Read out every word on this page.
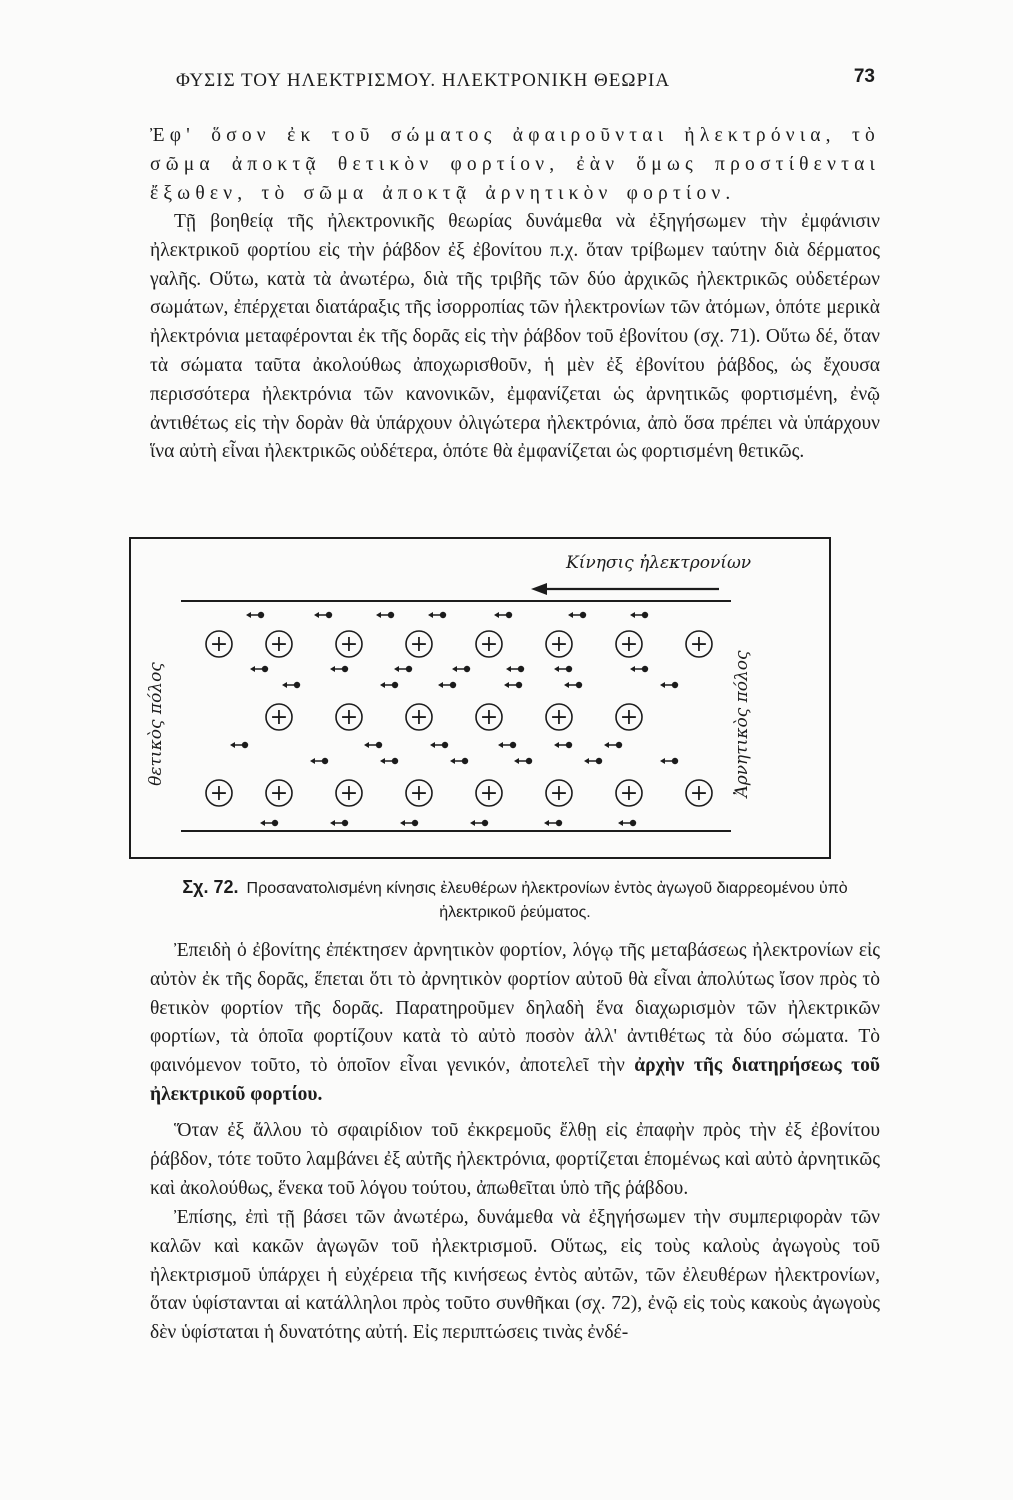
ΦΥΣΙΣ ΤΟΥ ΗΛΕΚΤΡΙΣΜΟΥ. ΗΛΕΚΤΡΟΝΙΚΗ ΘΕΩΡΙΑ	73

Ἐφ' ὅσον ἐκ τοῦ σώματος ἀφαιροῦνται ἠλεκτρόνια, τὸ σῶμα ἀποκτᾷ θετικὸν φορτίον, ἐὰν ὅμως προστίθενται ἔξωθεν, τὸ σῶμα ἀποκτᾷ ἀρνητικὸν φορτίον.

Τῇ βοηθείᾳ τῆς ἠλεκτρονικῆς θεωρίας δυνάμεθα νὰ ἐξηγήσωμεν τὴν ἐμφάνισιν ἠλεκτρικοῦ φορτίου εἰς τὴν ῥάβδον ἐξ ἐβονίτου π.χ. ὅταν τρίβωμεν ταύτην διὰ δέρματος γαλῆς. Οὕτω, κατὰ τὰ ἀνωτέρω, διὰ τῆς τριβῆς τῶν δύο ἀρχικῶς ἠλεκτρικῶς οὐδετέρων σωμάτων, ἐπέρχεται διατάραξις τῆς ἰσορροπίας τῶν ἠλεκτρονίων τῶν ἀτόμων, ὁπότε μερικὰ ἠλεκτρόνια μεταφέρονται ἐκ τῆς δορᾶς εἰς τὴν ῥάβδον τοῦ ἐβονίτου (σχ. 71). Οὕτω δέ, ὅταν τὰ σώματα ταῦτα ἀκολούθως ἀποχωρισθοῦν, ἡ μὲν ἐξ ἐβονίτου ῥάβδος, ὡς ἔχουσα περισσότερα ἠλεκτρόνια τῶν κανονικῶν, ἐμφανίζεται ὡς ἀρνητικῶς φορτισμένη, ἐνῷ ἀντιθέτως εἰς τὴν δορὰν θὰ ὑπάρχουν ὀλιγώτερα ἠλεκτρόνια, ἀπὸ ὅσα πρέπει νὰ ὑπάρχουν ἵνα αὐτὴ εἶναι ἠλεκτρικῶς οὐδέτερα, ὁπότε θὰ ἐμφανίζεται ὡς φορτισμένη θετικῶς.

Κίνησις ἠλεκτρονίων
θετικὸς πόλος	Ἀρνητικὸς πόλος
+ + + + + + + +
+ + + + + +
+ + + + + + + +
Σχ. 72. Προσανατολισμένη κίνησις ἐλευθέρων ἠλεκτρονίων ἐντὸς ἀγωγοῦ διαρρεομένου ὑπὸ ἠλεκτρικοῦ ῥεύματος.

Ἐπειδὴ ὁ ἐβονίτης ἐπέκτησεν ἀρνητικὸν φορτίον, λόγῳ τῆς μεταβάσεως ἠλεκτρονίων εἰς αὐτὸν ἐκ τῆς δορᾶς, ἕπεται ὅτι τὸ ἀρνητικὸν φορτίον αὐτοῦ θὰ εἶναι ἀπολύτως ἴσον πρὸς τὸ θετικὸν φορτίον τῆς δορᾶς. Παρατηροῦμεν δηλαδὴ ἕνα διαχωρισμὸν τῶν ἠλεκτρικῶν φορτίων, τὰ ὁποῖα φορτίζουν κατὰ τὸ αὐτὸ ποσὸν ἀλλ' ἀντιθέτως τὰ δύο σώματα. Τὸ φαινόμενον τοῦτο, τὸ ὁποῖον εἶναι γενικόν, ἀποτελεῖ τὴν ἀρχὴν τῆς διατηρήσεως τοῦ ἠλεκτρικοῦ φορτίου.

Ὅταν ἐξ ἄλλου τὸ σφαιρίδιον τοῦ ἐκκρεμοῦς ἔλθῃ εἰς ἐπαφὴν πρὸς τὴν ἐξ ἐβονίτου ῥάβδον, τότε τοῦτο λαμβάνει ἐξ αὐτῆς ἠλεκτρόνια, φορτίζεται ἑπομένως καὶ αὐτὸ ἀρνητικῶς καὶ ἀκολούθως, ἕνεκα τοῦ λόγου τούτου, ἀπωθεῖται ὑπὸ τῆς ῥάβδου.

Ἐπίσης, ἐπὶ τῇ βάσει τῶν ἀνωτέρω, δυνάμεθα νὰ ἐξηγήσωμεν τὴν συμπεριφορὰν τῶν καλῶν καὶ κακῶν ἀγωγῶν τοῦ ἠλεκτρισμοῦ. Οὕτως, εἰς τοὺς καλοὺς ἀγωγοὺς τοῦ ἠλεκτρισμοῦ ὑπάρχει ἡ εὐχέρεια τῆς κινήσεως ἐντὸς αὐτῶν, τῶν ἐλευθέρων ἠλεκτρονίων, ὅταν ὑφίστανται αἱ κατάλληλοι πρὸς τοῦτο συνθῆκαι (σχ. 72), ἐνῷ εἰς τοὺς κακοὺς ἀγωγοὺς δὲν ὑφίσταται ἡ δυνατότης αὐτή. Εἰς περιπτώσεις τινὰς ἐνδέ-
